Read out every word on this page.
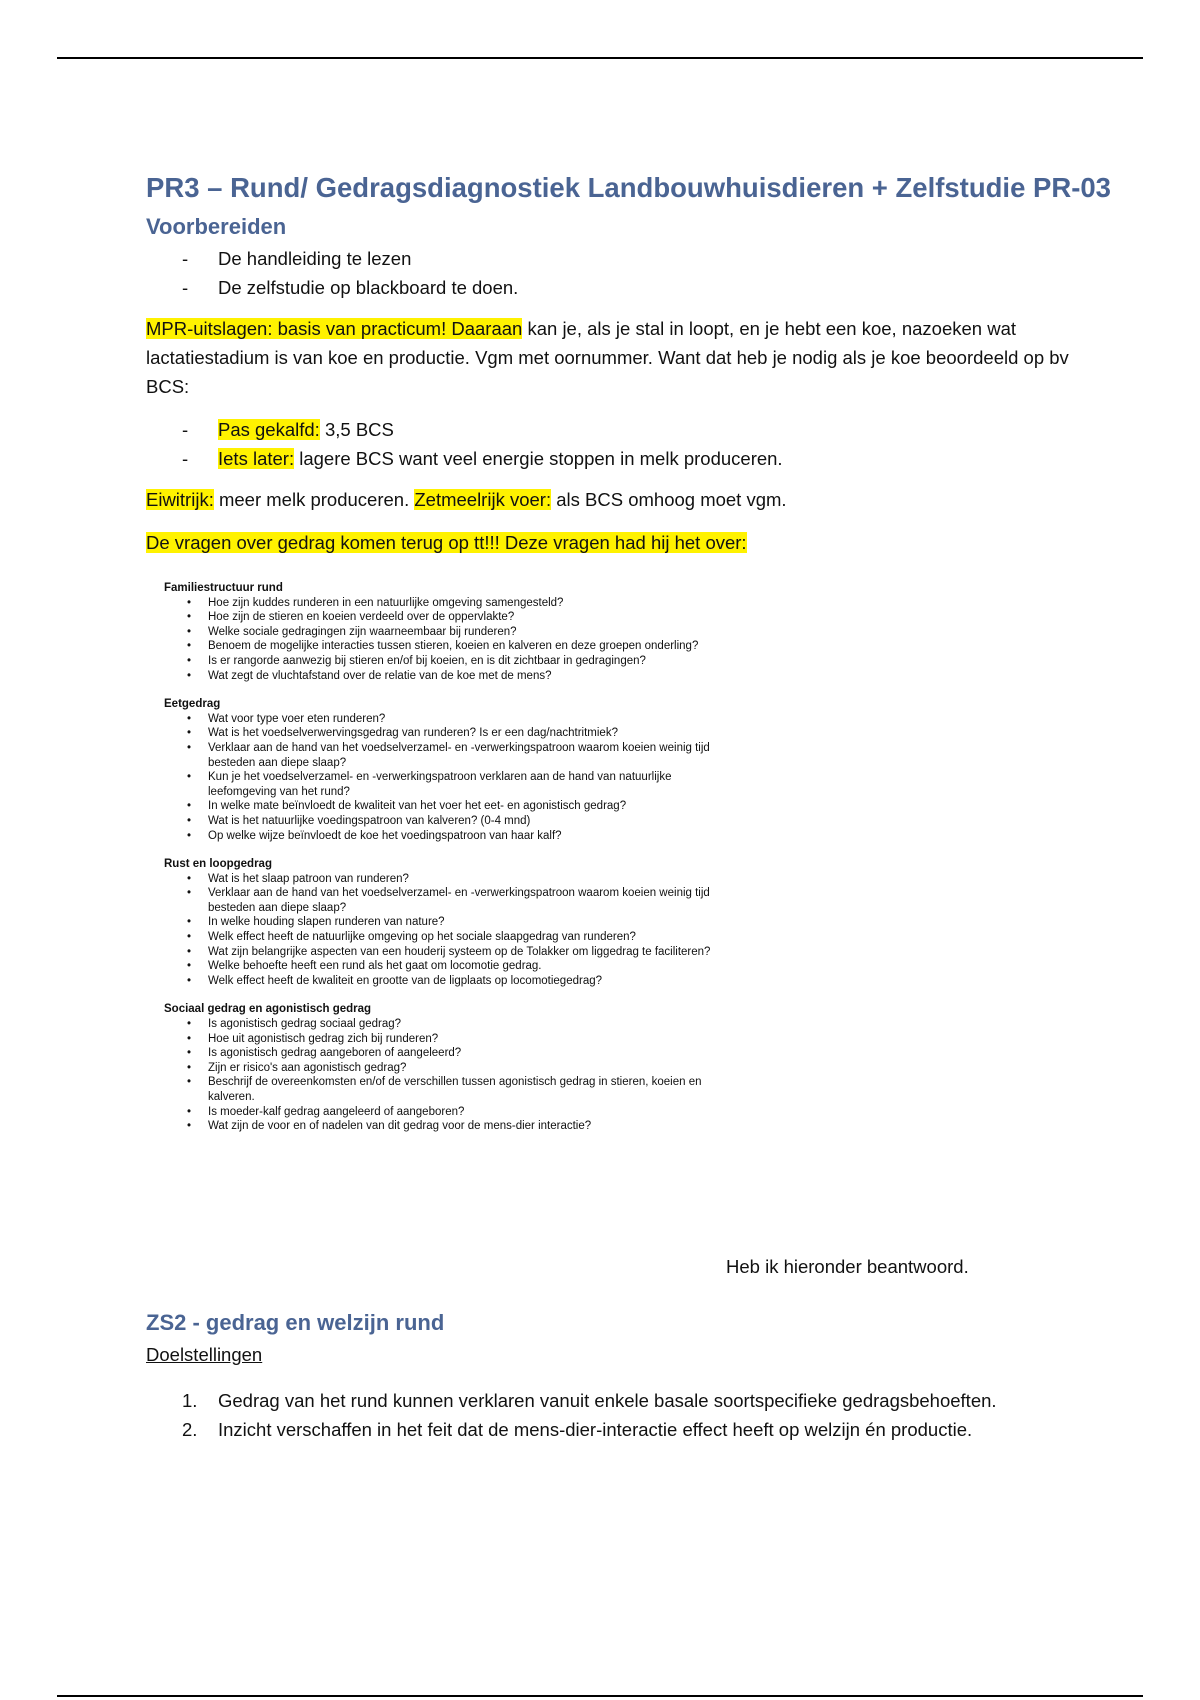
PR3 – Rund/ Gedragsdiagnostiek Landbouwhuisdieren + Zelfstudie PR-03
Voorbereiden
- De handleiding te lezen
- De zelfstudie op blackboard te doen.

MPR-uitslagen: basis van practicum! Daaraan kan je, als je stal in loopt, en je hebt een koe, nazoeken wat lactatiestadium is van koe en productie. Vgm met oornummer. Want dat heb je nodig als je koe beoordeeld op bv BCS:

- Pas gekalfd: 3,5 BCS
- Iets later: lagere BCS want veel energie stoppen in melk produceren.

Eiwitrijk: meer melk produceren. Zetmeelrijk voer: als BCS omhoog moet vgm.

De vragen over gedrag komen terug op tt!!! Deze vragen had hij het over:

Familiestructuur rund
• Hoe zijn kuddes runderen in een natuurlijke omgeving samengesteld?
• Hoe zijn de stieren en koeien verdeeld over de oppervlakte?
• Welke sociale gedragingen zijn waarneembaar bij runderen?
• Benoem de mogelijke interacties tussen stieren, koeien en kalveren en deze groepen onderling?
• Is er rangorde aanwezig bij stieren en/of bij koeien, en is dit zichtbaar in gedragingen?
• Wat zegt de vluchtafstand over de relatie van de koe met de mens?
Eetgedrag
• Wat voor type voer eten runderen?
• Wat is het voedselverwervingsgedrag van runderen? Is er een dag/nachtritmiek?
• Verklaar aan de hand van het voedselverzamel- en -verwerkingspatroon waarom koeien weinig tijd besteden aan diepe slaap?
• Kun je het voedselverzamel- en -verwerkingspatroon verklaren aan de hand van natuurlijke leefomgeving van het rund?
• In welke mate beïnvloedt de kwaliteit van het voer het eet- en agonistisch gedrag?
• Wat is het natuurlijke voedingspatroon van kalveren? (0-4 mnd)
• Op welke wijze beïnvloedt de koe het voedingspatroon van haar kalf?
Rust en loopgedrag
• Wat is het slaap patroon van runderen?
• Verklaar aan de hand van het voedselverzamel- en -verwerkingspatroon waarom koeien weinig tijd besteden aan diepe slaap?
• In welke houding slapen runderen van nature?
• Welk effect heeft de natuurlijke omgeving op het sociale slaapgedrag van runderen?
• Wat zijn belangrijke aspecten van een houderij systeem op de Tolakker om liggedrag te faciliteren?
• Welke behoefte heeft een rund als het gaat om locomotie gedrag.
• Welk effect heeft de kwaliteit en grootte van de ligplaats op locomotiegedrag?
Sociaal gedrag en agonistisch gedrag
• Is agonistisch gedrag sociaal gedrag?
• Hoe uit agonistisch gedrag zich bij runderen?
• Is agonistisch gedrag aangeboren of aangeleerd?
• Zijn er risico's aan agonistisch gedrag?
• Beschrijf de overeenkomsten en/of de verschillen tussen agonistisch gedrag in stieren, koeien en kalveren.
• Is moeder-kalf gedrag aangeleerd of aangeboren?
• Wat zijn de voor en of nadelen van dit gedrag voor de mens-dier interactie?
Heb ik hieronder beantwoord.
ZS2 - gedrag en welzijn rund
Doelstellingen
1. Gedrag van het rund kunnen verklaren vanuit enkele basale soortspecifieke gedragsbehoeften.
2. Inzicht verschaffen in het feit dat de mens-dier-interactie effect heeft op welzijn én productie.
